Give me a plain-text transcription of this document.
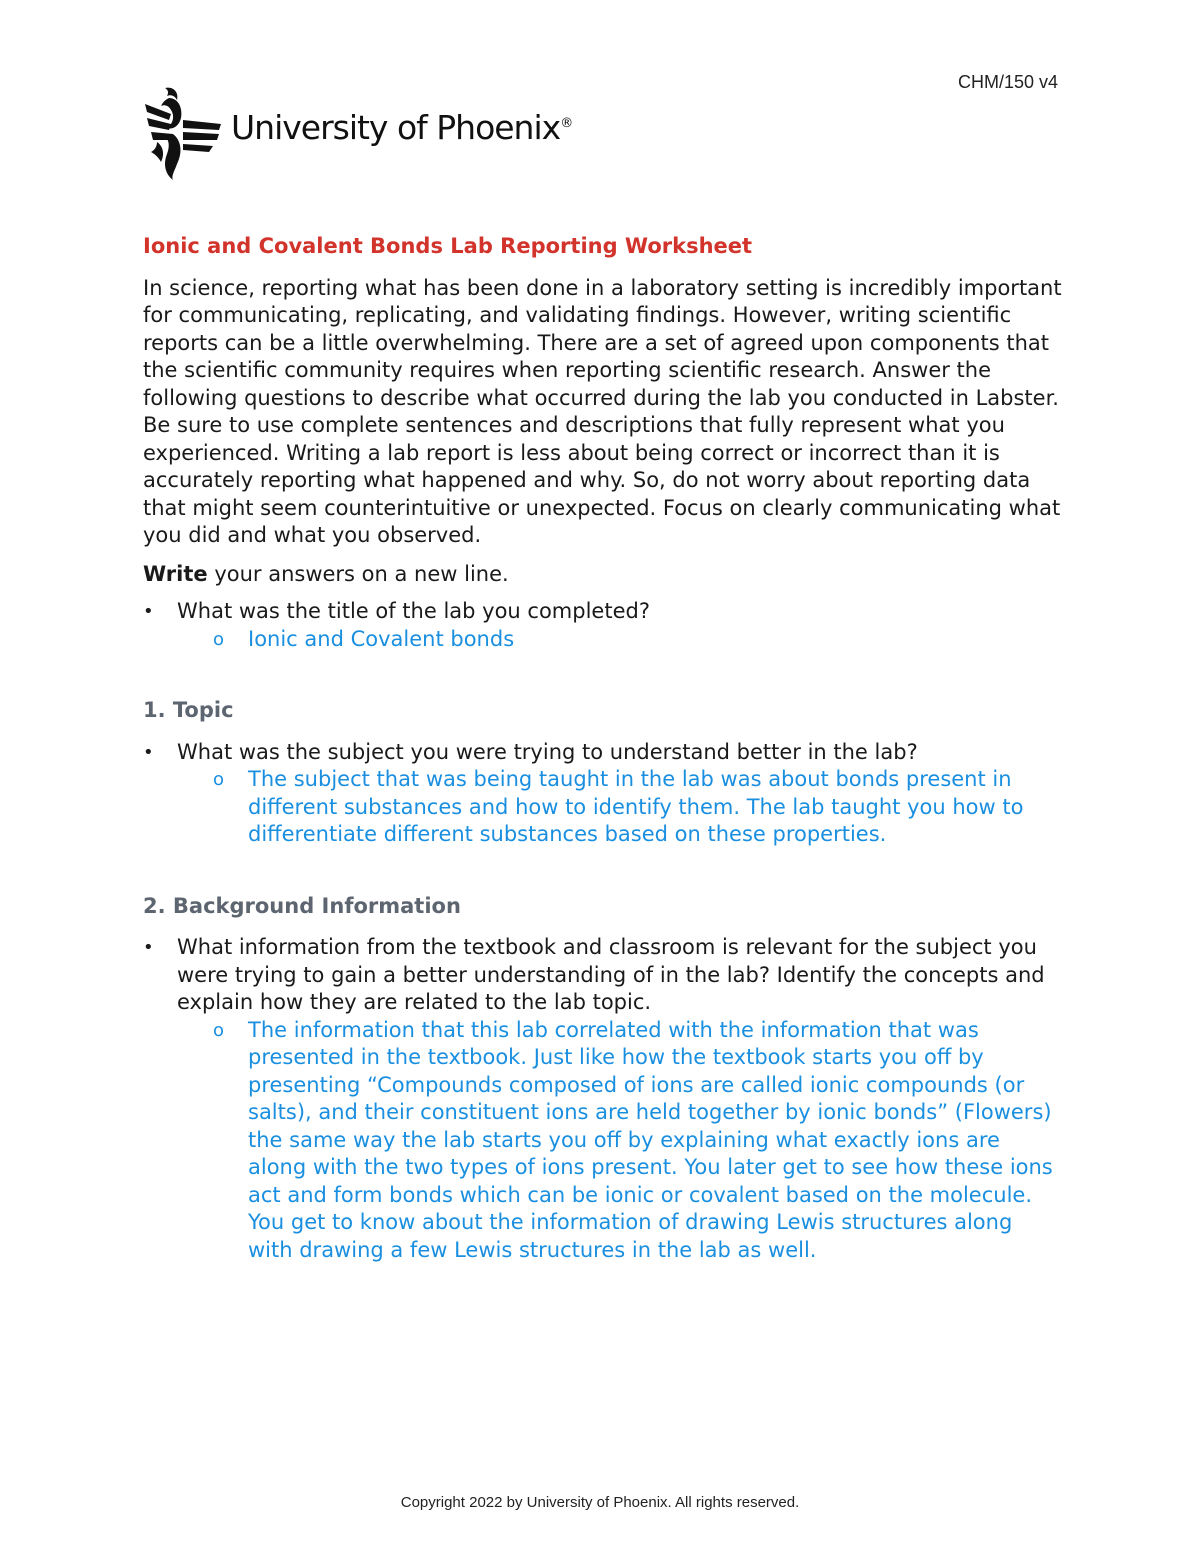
CHM/150 v4
University of Phoenix®
Ionic and Covalent Bonds Lab Reporting Worksheet
In science, reporting what has been done in a laboratory setting is incredibly important for communicating, replicating, and validating findings. However, writing scientific reports can be a little overwhelming. There are a set of agreed upon components that the scientific community requires when reporting scientific research. Answer the following questions to describe what occurred during the lab you conducted in Labster. Be sure to use complete sentences and descriptions that fully represent what you experienced. Writing a lab report is less about being correct or incorrect than it is accurately reporting what happened and why. So, do not worry about reporting data that might seem counterintuitive or unexpected. Focus on clearly communicating what you did and what you observed.
Write your answers on a new line.
•	What was the title of the lab you completed?
o Ionic and Covalent bonds
1. Topic
•	What was the subject you were trying to understand better in the lab?
o The subject that was being taught in the lab was about bonds present in different substances and how to identify them. The lab taught you how to differentiate different substances based on these properties.
2. Background Information
•	What information from the textbook and classroom is relevant for the subject you were trying to gain a better understanding of in the lab? Identify the concepts and explain how they are related to the lab topic.
o The information that this lab correlated with the information that was presented in the textbook. Just like how the textbook starts you off by presenting “Compounds composed of ions are called ionic compounds (or salts), and their constituent ions are held together by ionic bonds” (Flowers) the same way the lab starts you off by explaining what exactly ions are along with the two types of ions present. You later get to see how these ions act and form bonds which can be ionic or covalent based on the molecule. You get to know about the information of drawing Lewis structures along with drawing a few Lewis structures in the lab as well.
Copyright 2022 by University of Phoenix. All rights reserved.
